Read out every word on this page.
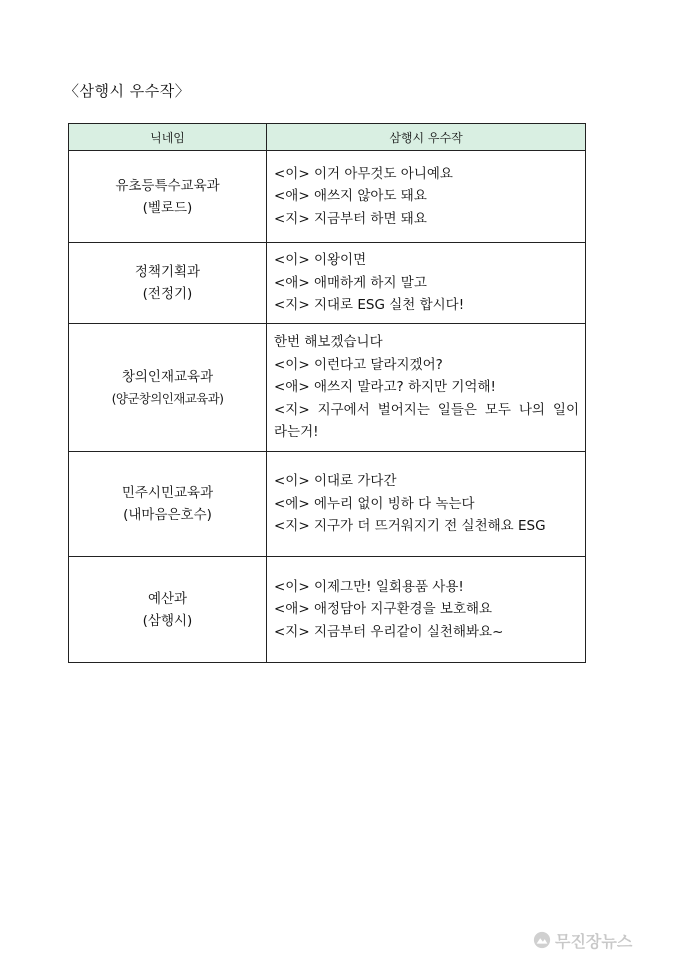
〈삼행시 우수작〉
닉네임	삼행시 우수작

유초등특수교육과
(벨로드)	<이> 이거 아무것도 아니예요
<애> 애쓰지 않아도 돼요
<지> 지금부터 하면 돼요

정책기획과
(전정기)	<이> 이왕이면
<애> 애매하게 하지 말고
<지> 지대로 ESG 실천 합시다!

창의인재교육과
(양군창의인재교육과)	한번 해보겠습니다
<이> 이런다고 달라지겠어?
<애> 애쓰지 말라고? 하지만 기억해!
<지> 지구에서 벌어지는 일들은 모두 나의 일이
라는거!

민주시민교육과
(내마음은호수)	<이> 이대로 가다간
<에> 에누리 없이 빙하 다 녹는다
<지> 지구가 더 뜨거워지기 전 실천해요 ESG

예산과
(삼행시)	<이> 이제그만! 일회용품 사용!
<애> 애정담아 지구환경을 보호해요
<지> 지금부터 우리같이 실천해봐요~
무진장뉴스
